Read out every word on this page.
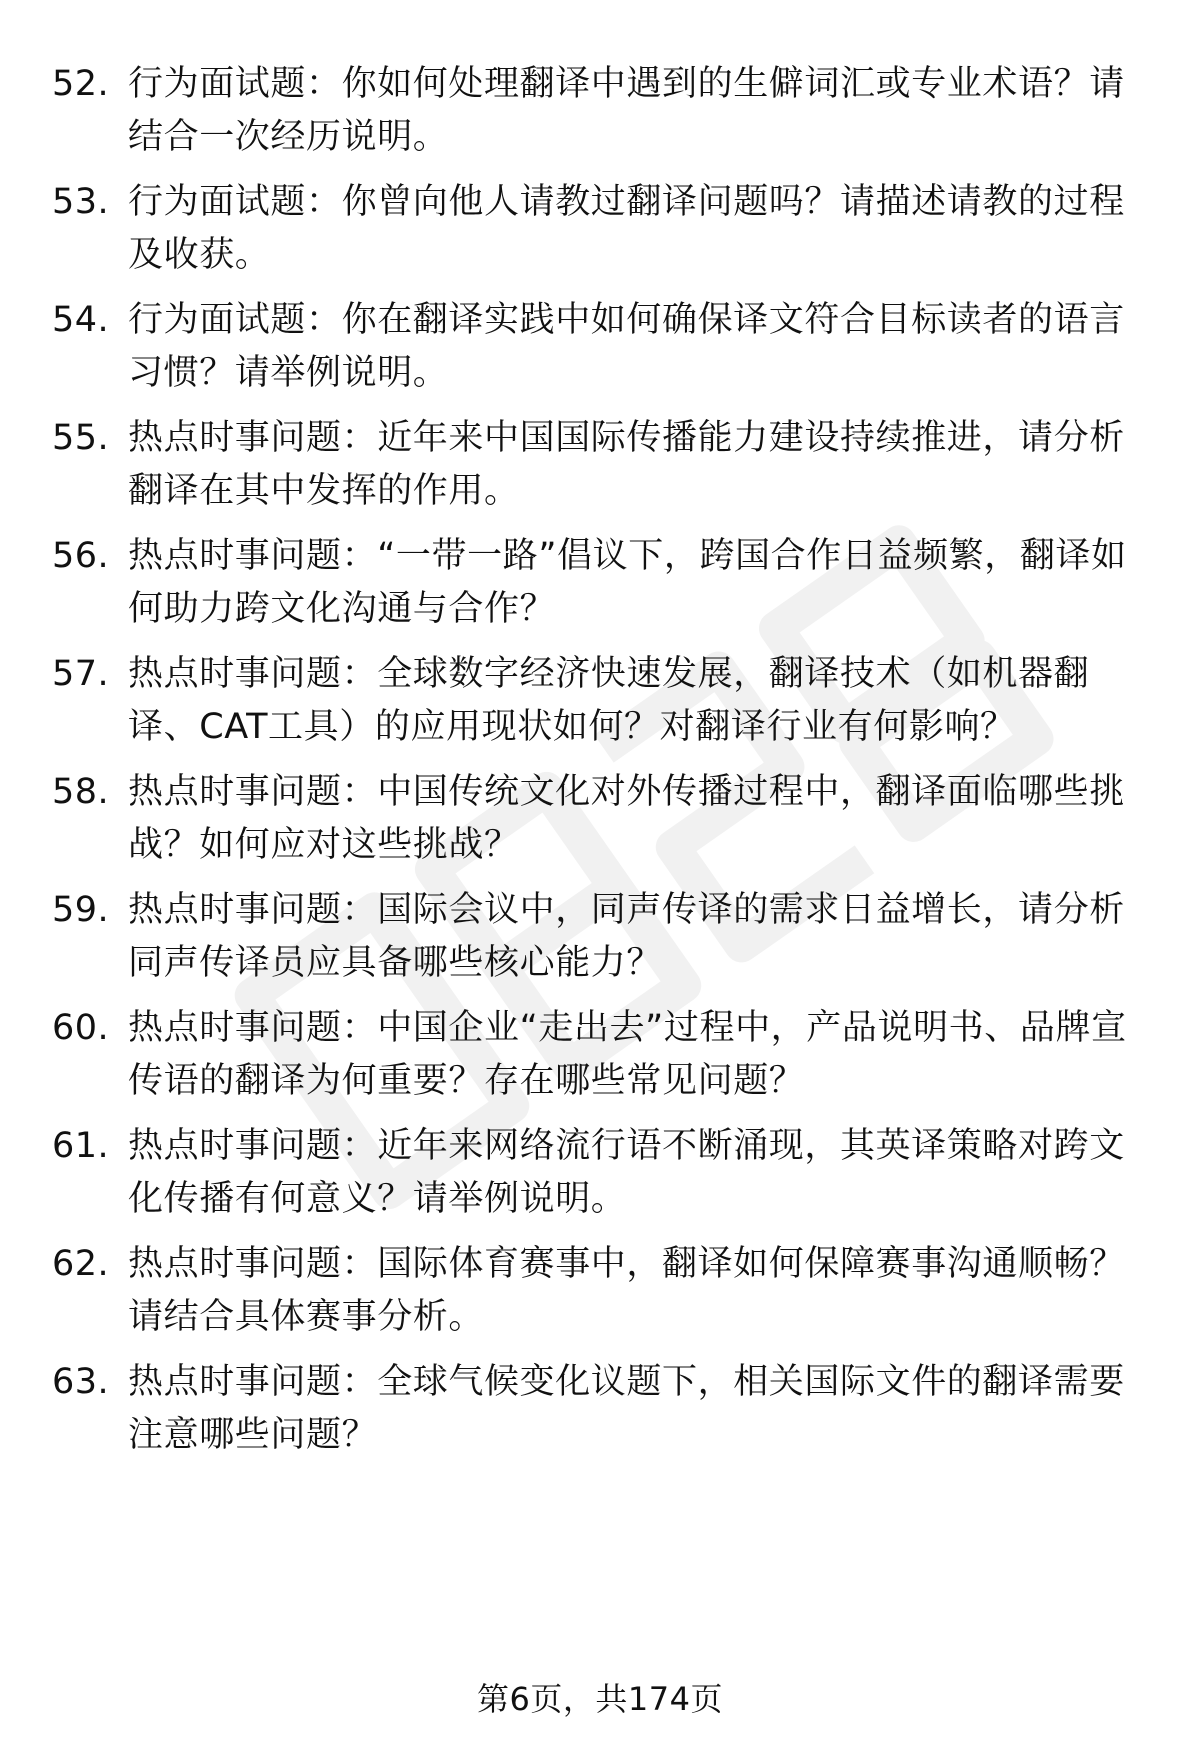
52. 行为面试题：你如何处理翻译中遇到的生僻词汇或专业术语？请结合一次经历说明。
53. 行为面试题：你曾向他人请教过翻译问题吗？请描述请教的过程及收获。
54. 行为面试题：你在翻译实践中如何确保译文符合目标读者的语言习惯？请举例说明。
55. 热点时事问题：近年来中国国际传播能力建设持续推进，请分析翻译在其中发挥的作用。
56. 热点时事问题：“一带一路”倡议下，跨国合作日益频繁，翻译如何助力跨文化沟通与合作？
57. 热点时事问题：全球数字经济快速发展，翻译技术（如机器翻译、CAT工具）的应用现状如何？对翻译行业有何影响？
58. 热点时事问题：中国传统文化对外传播过程中，翻译面临哪些挑战？如何应对这些挑战？
59. 热点时事问题：国际会议中，同声传译的需求日益增长，请分析同声传译员应具备哪些核心能力？
60. 热点时事问题：中国企业“走出去”过程中，产品说明书、品牌宣传语的翻译为何重要？存在哪些常见问题？
61. 热点时事问题：近年来网络流行语不断涌现，其英译策略对跨文化传播有何意义？请举例说明。
62. 热点时事问题：国际体育赛事中，翻译如何保障赛事沟通顺畅？请结合具体赛事分析。
63. 热点时事问题：全球气候变化议题下，相关国际文件的翻译需要注意哪些问题？
第6页，共174页
